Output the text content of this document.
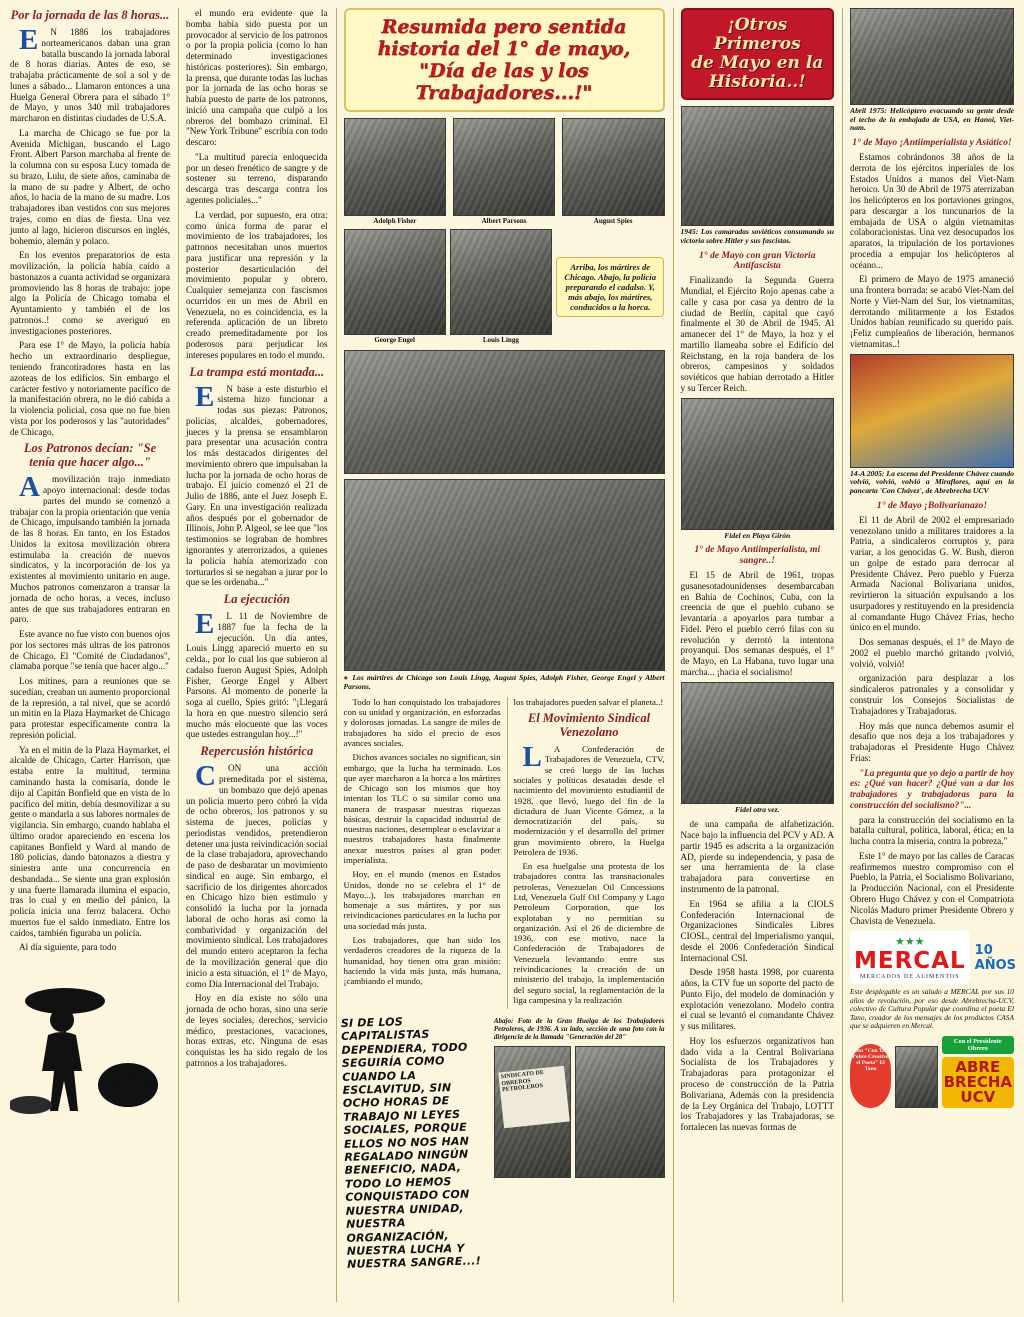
Por la jornada de las 8 horas...

EN 1886 los trabajadores norteamericanos daban una gran batalla buscando la jornada laboral de 8 horas diarias. Antes de eso, se trabajaba prácticamente de sol a sol y de lunes a sábado... Llamaron entonces a una Huelga General Obrera para el sábado 1° de Mayo, y unos 340 mil trabajadores marcharon en distintas ciudades de U.S.A.

La marcha de Chicago se fue por la Avenida Michigan, buscando el Lago Front. Albert Parson marchaba al frente de la columna con su esposa Lucy tomada de su brazo, Lulu, de siete años, caminaba de la mano de su padre y Albert, de ocho años, lo hacía de la mano de su madre. Los trabajadores iban vestidos con sus mejores trajes, como en días de fiesta. Una vez junto al lago, hicieron discursos en inglés, bohemio, alemán y polaco.

En los eventos preparatorios de esta movilización, la policía había caído a bastonazos a cuanta actividad se organizara promoviendo las 8 horas de trabajo: jope algo la Policía de Chicago tomaba el Ayuntamiento y también el de los patronos..! como se averiguó en investigaciones posteriores.

Para ese 1° de Mayo, la policía había hecho un extraordinario despliegue, teniendo francotiradores hasta en las azoteas de los edificios. Sin embargo el carácter festivo y notoriamente pacífico de la manifestación obrera, no le dió cabida a la violencia policial, cosa que no fue bien vista por los poderosos y las "autoridades" de Chicago.

Los Patronos decían: "Se tenía que hacer algo..."

Amovilización trajo inmediato apoyo internacional: desde todas partes del mundo se comenzó a trabajar con la propia orientación que venía de Chicago, impulsando también la jornada de las 8 horas. En tanto, en los Estados Unidos la exitosa movilización obrera estimulaba la creación de nuevos sindicatos, y la incorporación de los ya existentes al movimiento unitario en auge. Muchos patronos comenzaron a transar la jornada de ocho horas, a veces, incluso antes de que sus trabajadores entraran en paro.

Este avance no fue visto con buenos ojos por los sectores más ultras de los patronos de Chicago. El "Comité de Ciudadanos", clamaba porque "se tenía que hacer algo..."

Los mítines, para a reuniones que se sucedían, creaban un aumento proporcional de la represión, a tal nivel, que se acordó un mitin en la Plaza Haymarket de Chicago para protestar específicamente contra la represión policial.

Ya en el mitin de la Plaza Haymarket, el alcalde de Chicago, Carter Harrison, que estaba entre la multitud, termina caminando hasta la comisaría, donde le dijo al Capitán Bonfield que en vista de lo pacífico del mitin, debía desmovilizar a su gente o mandarla a sus labores normales de vigilancia. Sin embargo, cuando hablaba el último orador apareciendo en escena los capitanes Bonfield y Ward al mando de 180 policías, dando batonazos a diestra y siniestra ante una concurrencia en desbandada... Se siente una gran explosión y una fuerte llamarada ilumina el espacio, tras lo cual y en medio del pánico, la policía inicia una feroz balacera. Ocho muertos fue el saldo inmediato. Entre los caídos, también figuraba un policía.

Al día siguiente, para todo

el mundo era evidente que la bomba había sido puesta por un provocador al servicio de los patronos o por la propia policía (como lo han determinado investigaciones históricas posteriores). Sin embargo, la prensa, que durante todas las luchas por la jornada de las ocho horas se había puesto de parte de los patronos, inició una campaña que culpó a los obreros del bombazo criminal. El "New York Tribune" escribía con todo descaro:

"La multitud parecía enloquecida por un deseo frenético de sangre y de sostener su terreno, disparando descarga tras descarga contra los agentes policiales..."

La verdad, por supuesto, era otra: como única forma de parar el movimiento de los trabajadores, los patronos necesitaban unos muertos para justificar una represión y la posterior desarticulación del movimiento popular y obrero. Cualquier semejanza con fascismos ocurridos en un mes de Abril en Venezuela, no es coincidencia, es la referenda aplicación de un libreto creado premeditadamente por los poderosos para perjudicar los intereses populares en todo el mundo.

La trampa está montada...

EN base a este disturbio el sistema hizo funcionar a todas sus piezas: Patronos, policías, alcaldes, gobernadores, jueces y la prensa se ensamblaron para presentar una acusación contra los más destacados dirigentes del movimiento obrero que impulsaban la lucha por la jornada de ocho horas de trabajo. El juicio comenzó el 21 de Julio de 1886, ante el Juez Joseph E. Gary. En una investigación realizada años después por el gobernador de Illinois, John P. Algeol, se lee que "los testimonios se lograban de hombres ignorantes y aterrorizados, a quienes la policía había atemorizado con torturarlos si se negaban a jurar por lo que se les ordenaba..."

La ejecución

EL 11 de Noviembre de 1887 fue la fecha de la ejecución. Un día antes, Louis Lingg apareció muerto en su celda., por lo cual los que subieron al cadalso fueron August Spies, Adolph Fisher, George Engel y Albert Parsons. Al momento de ponerle la soga al cuello, Spies gritó: "¡Llegará la hora en que nuestro silencio será mucho más elocuente que las voces que ustedes estrangulan hoy...!"

Repercusión histórica

CON una acción premeditada por el sistema, un bombazo que dejó apenas un policía muerto pero cobró la vida de ocho obreros, los patronos y su sistema de jueces, policías y periodistas vendidos, pretendieron detener una justa reivindicación social de la clase trabajadora, aprovechando de paso de desbaratar un movimiento sindical en auge. Sin embargo, el sacrificio de los dirigentes ahorcados en Chicago hizo bien estimulo y consolidó la lucha por la jornada laboral de ocho horas así como la combatividad y organización del movimiento sindical. Los trabajadores del mundo entero aceptaron la fecha de la movilización general que dio inicio a esta situación, el 1° de Mayo, como Día Internacional del Trabajo.

Hoy en día existe no sólo una jornada de ocho horas, sino una serie de leyes sociales, derechos, servicio médico, prestaciones, vacaciones, horas extras, etc. Ninguna de esas conquistas les ha sido regalo de los patronos a los trabajadores.

Resumida pero sentida
historia del 1° de mayo,
"Día de las y los
Trabajadores...!"
Adolph Fisher	Albert Parsons	August Spies
George Engel	Louis Lingg
Arriba, los mártires de Chicago. Abajo, la policía preparando el cadalso. Y, más abajo, los mártires, conducidos a la horca.
● Los mártires de Chicago son Louis Lingg, August Spies, Adolph Fisher, George Engel y Albert Parsons.

Todo lo han conquistado los trabajadores con su unidad y organización, en esforzadas y dolorosas jornadas. La sangre de miles de trabajadores ha sido el precio de esos avances sociales.

Dichos avances sociales no significan, sin embargo, que la lucha ha terminado. Los que ayer marcharon a la horca a los mártires de Chicago son los mismos que hoy intentan los TLC o su similar como una manera de traspasar nuestras riquezas básicas, destruir la capacidad industrial de nuestras naciones, desemplear o esclavizar a nuestros trabajadores hasta finalmente anexar nuestros países al gran poder imperialista.

Hoy, en el mundo (menos en Estados Unidos, donde no se celebra el 1° de Mayo...), los trabajadores marchan en homenaje a sus mártires, y por sus reivindicaciones particulares en la lucha por una sociedad más justa.

Los trabajadores, que han sido los verdaderos creadores de la riqueza de la humanidad, hoy tienen otra gran misión: haciendo la vida más justa, más humana, ¡cambiando el mundo,

los trabajadores pueden salvar el planeta..!

El Movimiento Sindical Venezolano

LA Confederación de Trabajadores de Venezuela, CTV, se creó luego de las luchas sociales y políticas desatadas desde el nacimiento del movimiento estudiantil de 1928, que llevó, luego del fin de la dictadura de Juan Vicente Gómez, a la democratización del país, su modernización y el desarrollo del primer gran movimiento obrero, la Huelga Petrolera de 1936.

En esa huelgalse una protesta de los trabajadores contra las transnacionales petroleras, Venezuelan Oil Concessions Ltd, Venezuela Gulf Oil Company y Lago Petroleum Corporation, que los explotaban y no permitían su organización. Así el 26 de diciembre de 1936, con ese motivo, nace la Confederación de Trabajadores de Venezuela levantando entre sus reivindicaciones la creación de un ministerio del trabajo, la implementación del seguro social, la reglamentación de la liga campesina y la realización

SI DE LOS CAPITALISTAS DEPENDIERA, TODO SEGUIRÍA COMO CUANDO LA ESCLAVITUD, SIN OCHO HORAS DE TRABAJO NI LEYES SOCIALES, PORQUE ELLOS NO NOS HAN REGALADO NINGÚN BENEFICIO, NADA, TODO LO HEMOS CONQUISTADO CON NUESTRA UNIDAD, NUESTRA ORGANIZACIÓN, NUESTRA LUCHA Y NUESTRA SANGRE...!
Abajo: Foto de la Gran Huelga de los Trabajadores Petroleros, de 1936. A su lado, sección de una foto con la dirigencia de la llamada "Generación del 28"
SINDICATO DE OBREROS PETROLEROS
¡Otros Primeros
de Mayo en la Historia..!
1945: Los camaradas soviéticos consumando su victoria sobre Hitler y sus fascistas.
1° de Mayo con gran Victoria Antifascista

Finalizando la Segunda Guerra Mundial, el Ejército Rojo apenas cabe a calle y casa por casa ya dentro de la ciudad de Berlín, capital que cayó finalmente el 30 de Abril de 1945. Al amanecer del 1° de Mayo, la hoz y el martillo llameaba sobre el Edificio del Reichstang, en la roja bandera de los obreros, campesinos y soldados soviéticos que habían derrotado a Hitler y su Tercer Reich.

Fidel en Playa Girón
1° de Mayo Antiimperialista, mi sangre..!

El 15 de Abril de 1961, tropas gusanesotadounidenses desembarcaban en Bahía de Cochinos, Cuba, con la creencia de que el pueblo cubano se levantaría a apoyarlos para tumbar a Fidel. Pero el pueblo cerró filas con su revolución y derrotó la intentona proyanqui. Dos semanas después, el 1° de Mayo, en La Habana, tuvo lugar una marcha... ¡hacia el socialismo!

Fidel otra vez.

de una campaña de alfabetización. Nace bajo la influencia del PCV y AD. A partir 1945 es adscrita a la organización AD, pierde su independencia, y pasa de ser una herramienta de la clase trabajadora para convertirse en instrumento de la patronal.

En 1964 se afilia a la CIOLS Confederación Internacional de Organizaciones Sindicales Libres CIOSL, central del Imperialismo yanqui, desde el 2006 Confederación Sindical Internacional CSI.

Desde 1958 hasta 1998, por cuarenta años, la CTV fue un soporte del pacto de Punto Fijo, del modelo de dominación y explotación venezolano. Modelo contra el cual se levantó el comandante Chávez y sus militares.

Hoy los esfuerzos organizativos han dado vida a la Central Bolivariana Socialista de los Trabajadores y Trabajadoras para protagonizar el proceso de construcción de la Patria Bolivariana, Además con la presidencia de la Ley Orgánica del Trabajo, LOTTT los Trabajadores y las Trabajadoras, se fortalecen las nuevas formas de

Abril 1975: Helicóptero evacuando su gente desde el techo de la embajada de USA, en Hanoi, Viet-nam.
1° de Mayo ¡Antiimperialista y Asiático!

Estamos cobrándonos 38 años de la derrota de los ejércitos inperiales de los Estados Unidos a manos del Viet-Nam heroico. Un 30 de Abril de 1975 aterrizaban los helicópteros en los portaviones gringos, para descargar a los tuncunarios de la embajada de USA o algún vietnamitas colaboracionistas. Una vez desocupados los aparatos, la tripulación de los portaviones procedía a empujar los helicópteros al océano...

El primero de Mayo de 1975 amaneció una frontera borrada: se acabó Viet-Nam del Norte y Viet-Nam del Sur, los vietnamitas, derrotando militarmente a los Estados Unidos habían reunificado su querido país. ¡Feliz cumpleaños de liberación, hermanos vietnamitas..!

14-A 2005: La escena del Presidente Chávez cuando volvió, volvió, volvió a Miraflores, aquí en la pancarta 'Con Chávez', de Abrebrecha UCV
1° de Mayo ¡Bolivarianazo!

El 11 de Abril de 2002 el empresariado venezolano unido a militares traidores a la Patria, a sindicaleros corruptos y, para variar, a los genocidas G. W. Bush, dieron un golpe de estado para derrocar al Presidente Chávez. Pero pueblo y Fuerza Armada Nacional Bolivariana unidos, revirtieron la situación expulsando a los usurpadores y restituyendo en la presidencia al comandante Hugo Chávez Frías, hecho único en el mundo.

Dos semanas después, el 1° de Mayo de 2002 el pueblo marchó gritando ¡volvió, volvió, volvió!

organización para desplazar a los sindicaleros patronales y a consolidar y construir los Consejos Socialistas de Trabajadores y Trabajadoras.

Hoy más que nunca debemos asumir el desafío que nos deja a los trabajadores y trabajadoras el Presidente Hugo Chávez Frías:

"La pregunta que yo dejo a partir de hoy es: ¿Qué van hacer? ¿Qué van a dar los trabajadores y trabajadoras para la construcción del socialismo?"...

para la construcción del socialismo en la batalla cultural, política, laboral, ética; en la lucha contra la miseria, contra la pobreza."

Este 1° de mayo por las calles de Caracas reafirmemos nuestro compromiso con el Pueblo, la Patria, el Socialismo Bolivariano, la Producción Nacional, con el Presidente Obrero Hugo Chávez y con el Compatriota Nicolás Maduro primer Presidente Obrero y Chavista de Venezuela.

★★★
MERCAL
MERCADOS DE ALIMENTOS
10 AÑOS
Este desplegable es un saludo a MERCAL por sus 10 años de revolución, por eso desde Abrebrecha-UCV, colectivo de Cultura Popular que coordina el poeta El Tano, creador de los mensajes de los productos CASA que se adquieren en Mercal.
Con "Con Tan Pobre Creativo el Poeta" El Tano
Con el Presidente Obrero
ABRE BRECHA UCV
